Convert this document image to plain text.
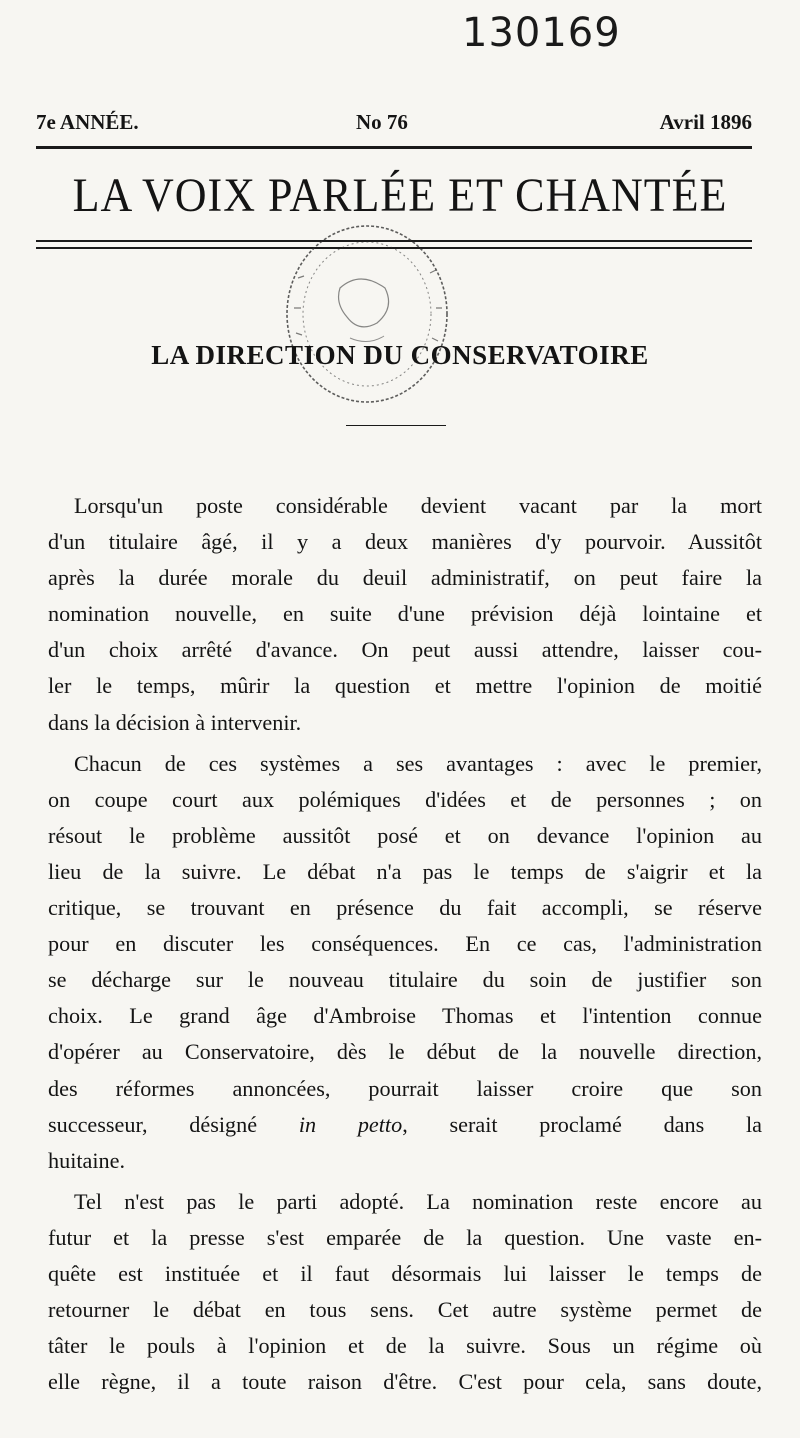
130169
7e ANNÉE.	No 76	Avril 1896
LA VOIX PARLÉE ET CHANTÉE
LA DIRECTION DU CONSERVATOIRE
Lorsqu'un poste considérable devient vacant par la mort
d'un titulaire âgé, il y a deux manières d'y pourvoir. Aussitôt
après la durée morale du deuil administratif, on peut faire la
nomination nouvelle, en suite d'une prévision déjà lointaine et
d'un choix arrêté d'avance. On peut aussi attendre, laisser cou-
ler le temps, mûrir la question et mettre l'opinion de moitié
dans la décision à intervenir.
Chacun de ces systèmes a ses avantages : avec le premier,
on coupe court aux polémiques d'idées et de personnes ; on
résout le problème aussitôt posé et on devance l'opinion au
lieu de la suivre. Le débat n'a pas le temps de s'aigrir et la
critique, se trouvant en présence du fait accompli, se réserve
pour en discuter les conséquences. En ce cas, l'administration
se décharge sur le nouveau titulaire du soin de justifier son
choix. Le grand âge d'Ambroise Thomas et l'intention connue
d'opérer au Conservatoire, dès le début de la nouvelle direction,
des réformes annoncées, pourrait laisser croire que son
successeur, désigné in petto, serait proclamé dans la
huitaine.
Tel n'est pas le parti adopté. La nomination reste encore au
futur et la presse s'est emparée de la question. Une vaste en-
quête est instituée et il faut désormais lui laisser le temps de
retourner le débat en tous sens. Cet autre système permet de
tâter le pouls à l'opinion et de la suivre. Sous un régime où
elle règne, il a toute raison d'être. C'est pour cela, sans doute,
